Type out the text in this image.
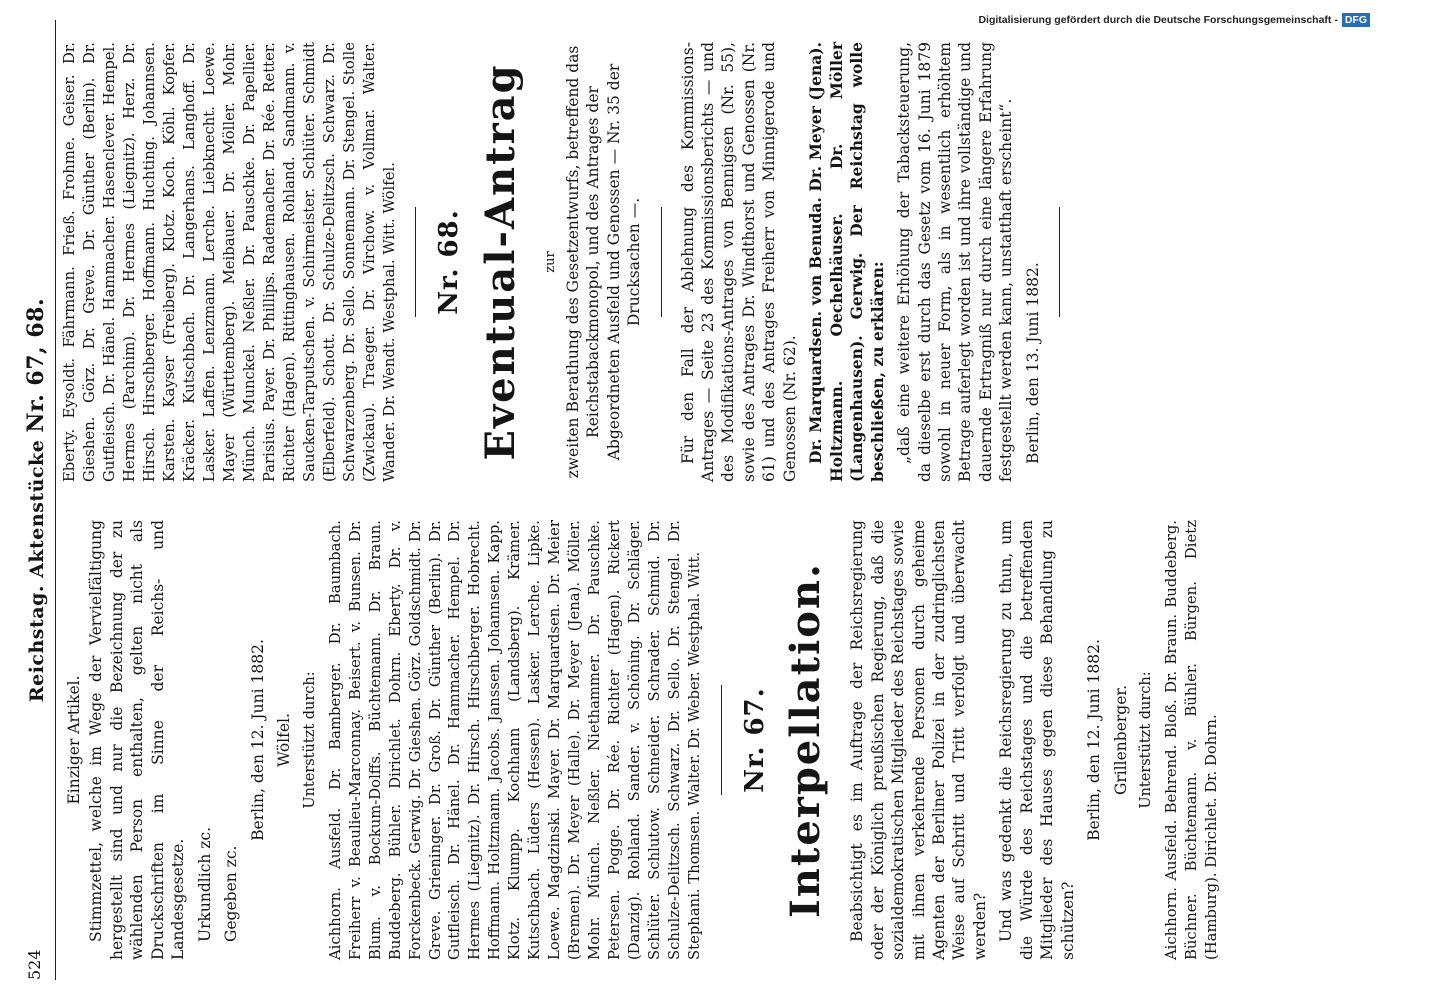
524
Reichstag. Aktenstücke Nr. 67, 68.
Einziger Artikel. Stimmzettel, welche im Wege der Vervielfältigung hergestellt sind und nur die Bezeichnung der zu wählenden Person enthalten, gelten nicht als Druckschriften im Sinne der Reichs- und Landesgesetze. Urkundlich zc. Gegeben zc.

Berlin, den 12. Juni 1882. Wölfel. Unterstützt durch: Aichhorn. Ausfeld. Dr. Bamberger. Dr. Baumbach. Freiherr v. Beaulieu-Marconnay. Beisert. v. Bunsen. Dr. Blum. v. Bockum-Dolffs. Büchtemann. Dr. Braun. Buddeberg. Bühler. Dirichlet. Dohrn. Eberty. Dr. v. Forckenbeck. Gerwig. Dr. Gieshen. Görz. Goldschmidt. Dr. Greve. Grieninger. Dr. Groß. Dr. Günther (Berlin). Dr. Gutfleisch. Dr. Hänel. Dr. Hammacher. Hempel. Dr. Hermes (Liegnitz). Dr. Hirsch. Hirschberger. Hobrecht. Hoffmann. Holtzmann. Jacobs. Janssen. Johannsen. Kapp. Klotz. Klumpp. Kochhann (Landsberg). Krämer. Kutschbach. Lüders (Hessen). Lasker. Lerche. Lipke. Loewe. Magdzinski. Mayer. Dr. Marquardsen. Dr. Meier (Bremen). Dr. Meyer (Halle). Dr. Meyer (Jena). Möller. Mohr. Münch. Neßler. Niethammer. Dr. Pauschke. Petersen. Pogge. Dr. Rée. Richter (Hagen). Rickert (Danzig). Rohland. Sander. v. Schöning. Dr. Schläger. Schlüter. Schlutow. Schneider. Schrader. Schmid. Dr. Schulze-Delitzsch. Schwarz. Dr. Sello. Dr. Stengel. Dr. Stephani. Thomsen. Walter. Dr. Weber. Westphal. Witt. Nr. 67. Interpellation. Beabsichtigt es im Auftrage der Reichsregierung oder der Königlich preußischen Regierung, daß die sozialdemokratischen Mitglieder des Reichstages sowie mit ihnen verkehrende Personen durch geheime Agenten der Berliner Polizei in der zudringlichsten Weise auf Schritt und Tritt verfolgt und überwacht werden? Und was gedenkt die Reichsregierung zu thun, um die Würde des Reichstages und die betreffenden Mitglieder des Hauses gegen diese Behandlung zu schützen?

Berlin, den 12. Juni 1882. Grillenberger. Unterstützt durch: Aichhorn. Ausfeld. Behrend. Bloß. Dr. Braun. Buddeberg. Büchner. Büchtemann. v. Bühler. Bürgen. Dietz (Hamburg). Dirichlet. Dr. Dohrn.

Eberty. Eysoldt. Fährmann. Frieß. Frohme. Geiser. Dr. Gieshen. Görz. Dr. Greve. Dr. Günther (Berlin). Dr. Gutfleisch. Dr. Hänel. Hammacher. Hasenclever. Hempel. Hermes (Parchim). Dr. Hermes (Liegnitz). Herz. Dr. Hirsch. Hirschberger. Hoffmann. Huchting. Johannsen. Karsten. Kayser (Freiberg). Klotz. Koch. Köhl. Kopfer. Kräcker. Kutschbach. Dr. Langerhans. Langhoff. Dr. Lasker. Laffen. Lenzmann. Lerche. Liebknecht. Loewe. Mayer (Württemberg). Meibauer. Dr. Möller. Mohr. Münch. Munckel. Neßler. Dr. Pauschke. Dr. Papellier. Parisius. Payer. Dr. Phillips. Rademacher. Dr. Rée. Retter. Richter (Hagen). Rittinghausen. Rohland. Sandmann. v. Saucken-Tarputschen. v. Schirmeister. Schlüter. Schmidt (Elberfeld). Schott. Dr. Schulze-Delitzsch. Schwarz. Dr. Schwarzenberg. Dr. Sello. Sonnemann. Dr. Stengel. Stolle (Zwickau). Traeger. Dr. Virchow. v. Vollmar. Walter. Wander. Dr. Wendt. Westphal. Witt. Wölfel. Nr. 68. Eventual-Antrag zur zweiten Berathung des Gesetzentwurfs, betreffend das Reichstabackmonopol, und des Antrages der Abgeordneten Ausfeld und Genossen — Nr. 35 der Drucksachen —. Für den Fall der Ablehnung des Kommissions-Antrages — Seite 23 des Kommissionsberichts — und des Modifikations-Antrages von Bennigsen (Nr. 55), sowie des Antrages Dr. Windthorst und Genossen (Nr. 61) und des Antrages Freiherr von Minnigerode und Genossen (Nr. 62). Dr. Marquardsen. von Benuda. Dr. Meyer (Jena). Holtzmann. Oechelhäuser. Dr. Möller (Langenhausen). Gerwig. Der Reichstag wolle beschließen, zu erklären: „daß eine weitere Erhöhung der Tabacksteuerung, da dieselbe erst durch das Gesetz vom 16. Juni 1879 sowohl in neuer Form, als in wesentlich erhöhtem Betrage auferlegt worden ist und ihre vollständige und dauernde Ertragniß nur durch eine längere Erfahrung festgestellt werden kann, unstatthaft erscheint“. Berlin, den 13. Juni 1882.

Digitalisierung gefördert durch die Deutsche Forschungsgemeinschaft - DFG
